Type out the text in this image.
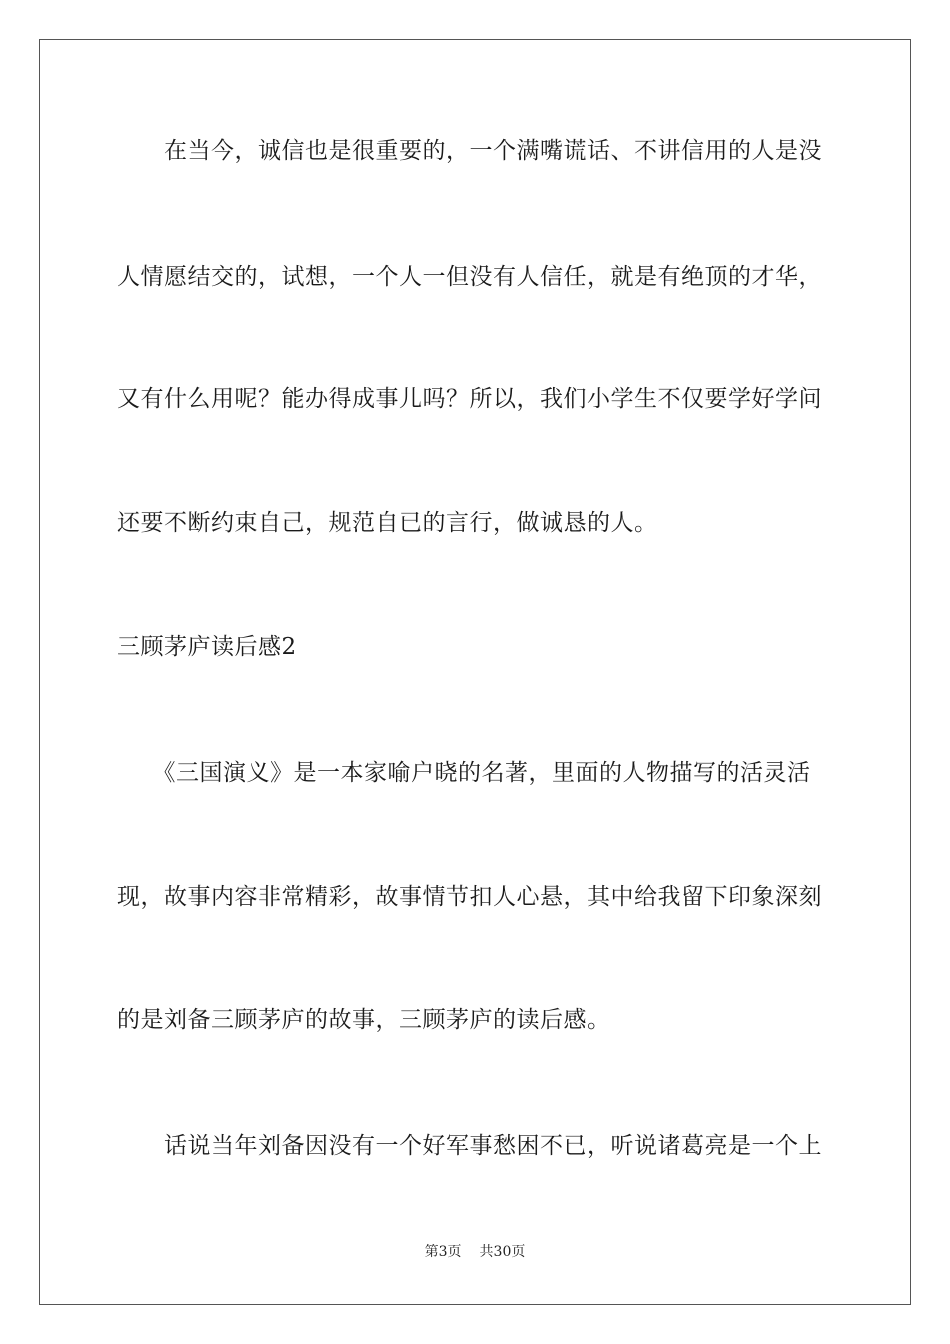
　　在当今，诚信也是很重要的，一个满嘴谎话、不讲信用的人是没
人情愿结交的，试想，一个人一但没有人信任，就是有绝顶的才华，
又有什么用呢？能办得成事儿吗？所以，我们小学生不仅要学好学问
还要不断约束自己，规范自已的言行，做诚恳的人。
三顾茅庐读后感2
　　《三国演义》是一本家喻户晓的名著，里面的人物描写的活灵活
现，故事内容非常精彩，故事情节扣人心悬，其中给我留下印象深刻
的是刘备三顾茅庐的故事，三顾茅庐的读后感。
　　话说当年刘备因没有一个好军事愁困不已，听说诸葛亮是一个上
第3页 共30页
